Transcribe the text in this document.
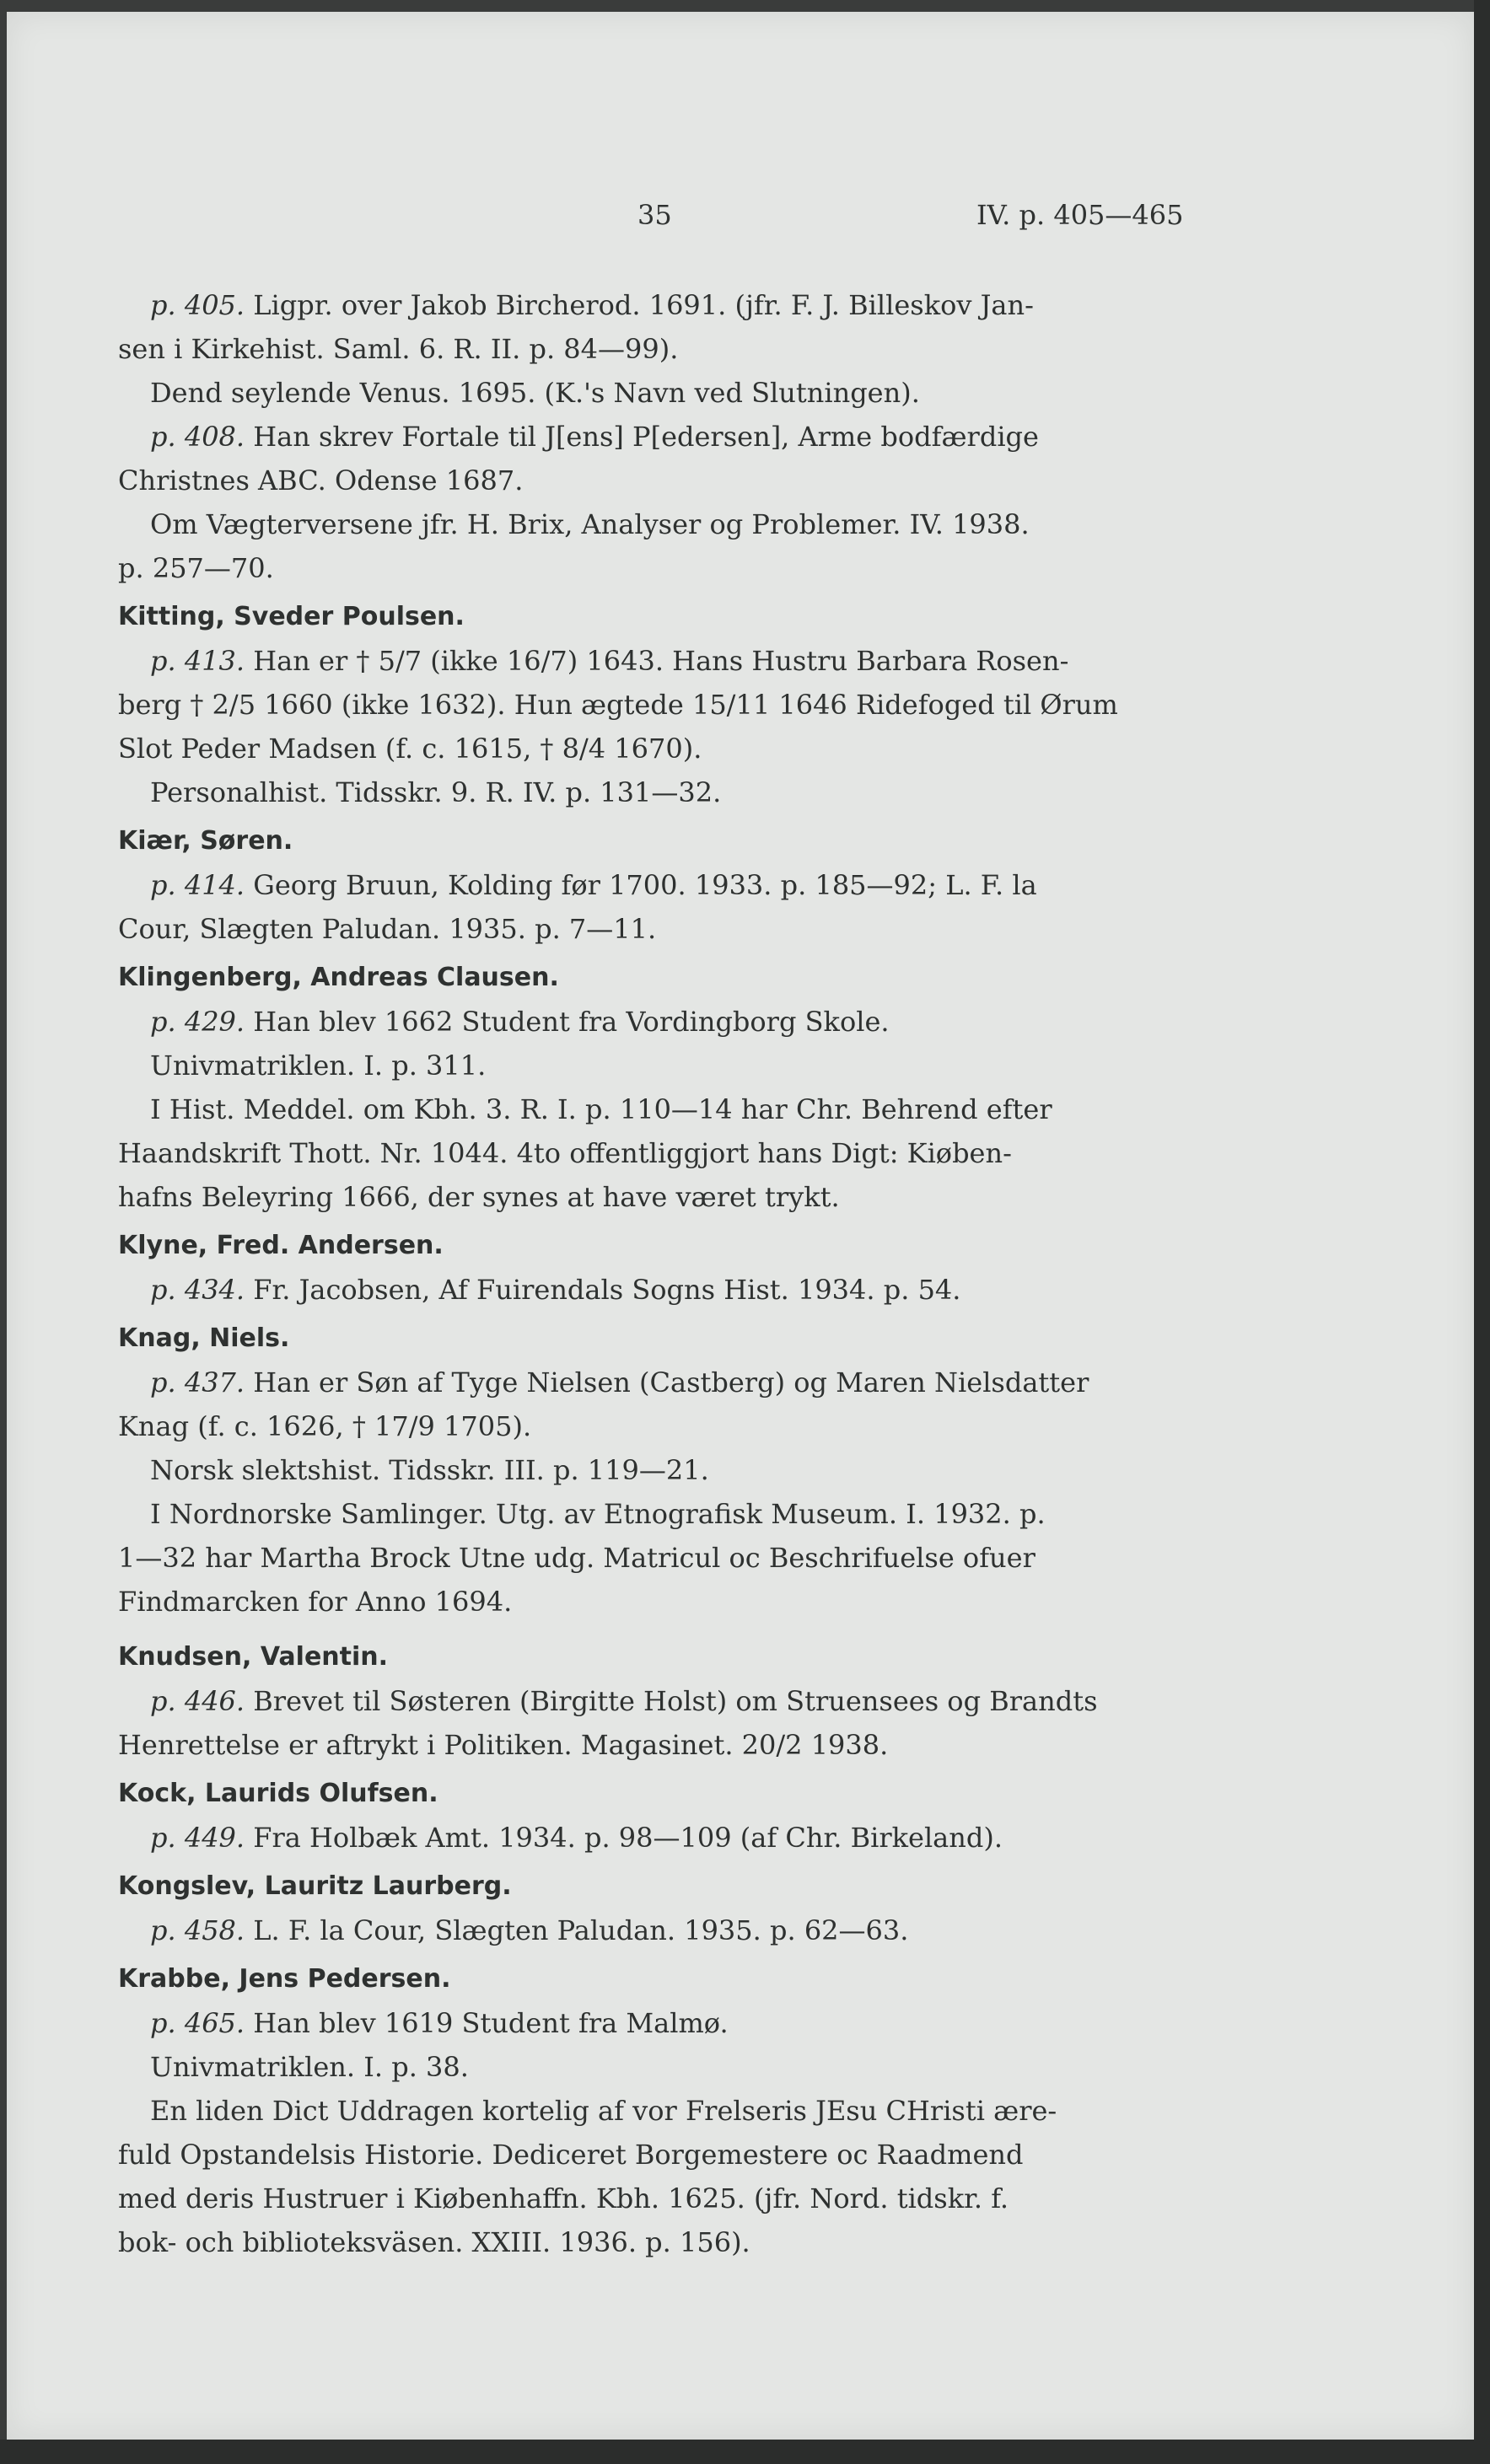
35	IV. p. 405—465

p. 405. Ligpr. over Jakob Bircherod. 1691. (jfr. F. J. Billeskov Jan-

sen i Kirkehist. Saml. 6. R. II. p. 84—99).

Dend seylende Venus. 1695. (K.'s Navn ved Slutningen).

p. 408. Han skrev Fortale til J[ens] P[edersen], Arme bodfærdige

Christnes ABC. Odense 1687.

Om Vægterversene jfr. H. Brix, Analyser og Problemer. IV. 1938.

p. 257—70.

Kitting, Sveder Poulsen.

p. 413. Han er † 5/7 (ikke 16/7) 1643. Hans Hustru Barbara Rosen-

berg † 2/5 1660 (ikke 1632). Hun ægtede 15/11 1646 Ridefoged til Ørum

Slot Peder Madsen (f. c. 1615, † 8/4 1670).

Personalhist. Tidsskr. 9. R. IV. p. 131—32.

Kiær, Søren.

p. 414. Georg Bruun, Kolding før 1700. 1933. p. 185—92; L. F. la

Cour, Slægten Paludan. 1935. p. 7—11.

Klingenberg, Andreas Clausen.

p. 429. Han blev 1662 Student fra Vordingborg Skole.

Univmatriklen. I. p. 311.

I Hist. Meddel. om Kbh. 3. R. I. p. 110—14 har Chr. Behrend efter

Haandskrift Thott. Nr. 1044. 4to offentliggjort hans Digt: Kiøben-

hafns Beleyring 1666, der synes at have været trykt.

Klyne, Fred. Andersen.

p. 434. Fr. Jacobsen, Af Fuirendals Sogns Hist. 1934. p. 54.

Knag, Niels.

p. 437. Han er Søn af Tyge Nielsen (Castberg) og Maren Nielsdatter

Knag (f. c. 1626, † 17/9 1705).

Norsk slektshist. Tidsskr. III. p. 119—21.

I Nordnorske Samlinger. Utg. av Etnografisk Museum. I. 1932. p.

1—32 har Martha Brock Utne udg. Matricul oc Beschrifuelse ofuer

Findmarcken for Anno 1694.

Knudsen, Valentin.

p. 446. Brevet til Søsteren (Birgitte Holst) om Struensees og Brandts

Henrettelse er aftrykt i Politiken. Magasinet. 20/2 1938.

Kock, Laurids Olufsen.

p. 449. Fra Holbæk Amt. 1934. p. 98—109 (af Chr. Birkeland).

Kongslev, Lauritz Laurberg.

p. 458. L. F. la Cour, Slægten Paludan. 1935. p. 62—63.

Krabbe, Jens Pedersen.

p. 465. Han blev 1619 Student fra Malmø.

Univmatriklen. I. p. 38.

En liden Dict Uddragen kortelig af vor Frelseris JEsu CHristi ære-

fuld Opstandelsis Historie. Dediceret Borgemestere oc Raadmend

med deris Hustruer i Kiøbenhaffn. Kbh. 1625. (jfr. Nord. tidskr. f.

bok- och biblioteksväsen. XXIII. 1936. p. 156).
